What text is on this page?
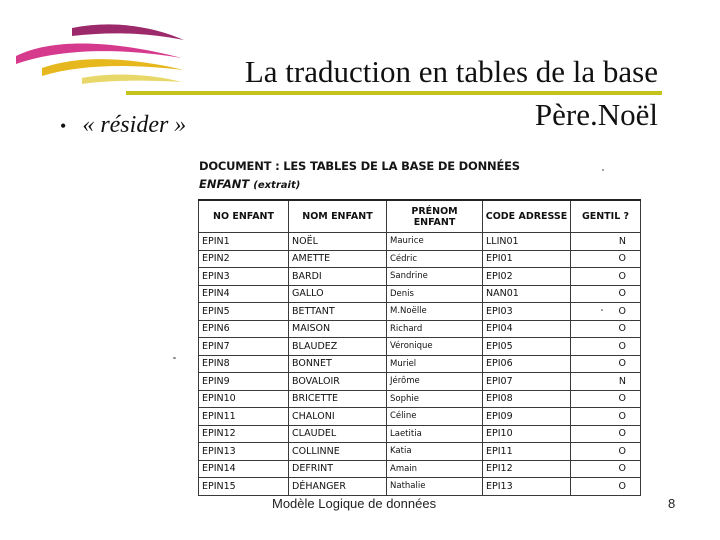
La traduction en tables de la base
Père.Noël
• « résider »
DOCUMENT : LES TABLES DE LA BASE DE DONNÉES
ENFANT (extrait)
NO ENFANT	NOM ENFANT	PRÉNOM ENFANT	CODE ADRESSE	GENTIL ?
EPIN1	NOËL	Maurice	LLIN01	N
EPIN2	AMETTE	Cédric	EPI01	O
EPIN3	BARDI	Sandrine	EPI02	O
EPIN4	GALLO	Denis	NAN01	O
EPIN5	BETTANT	M.Noëlle	EPI03	O
EPIN6	MAISON	Richard	EPI04	O
EPIN7	BLAUDEZ	Véronique	EPI05	O
EPIN8	BONNET	Muriel	EPI06	O
EPIN9	BOVALOIR	Jérôme	EPI07	N
EPIN10	BRICETTE	Sophie	EPI08	O
EPIN11	CHALONI	Céline	EPI09	O
EPIN12	CLAUDEL	Laetitia	EPI10	O
EPIN13	COLLINNE	Katia	EPI11	O
EPIN14	DEFRINT	Amain	EPI12	O
EPIN15	DÉHANGER	Nathalie	EPI13	O
Modèle Logique de données	8
